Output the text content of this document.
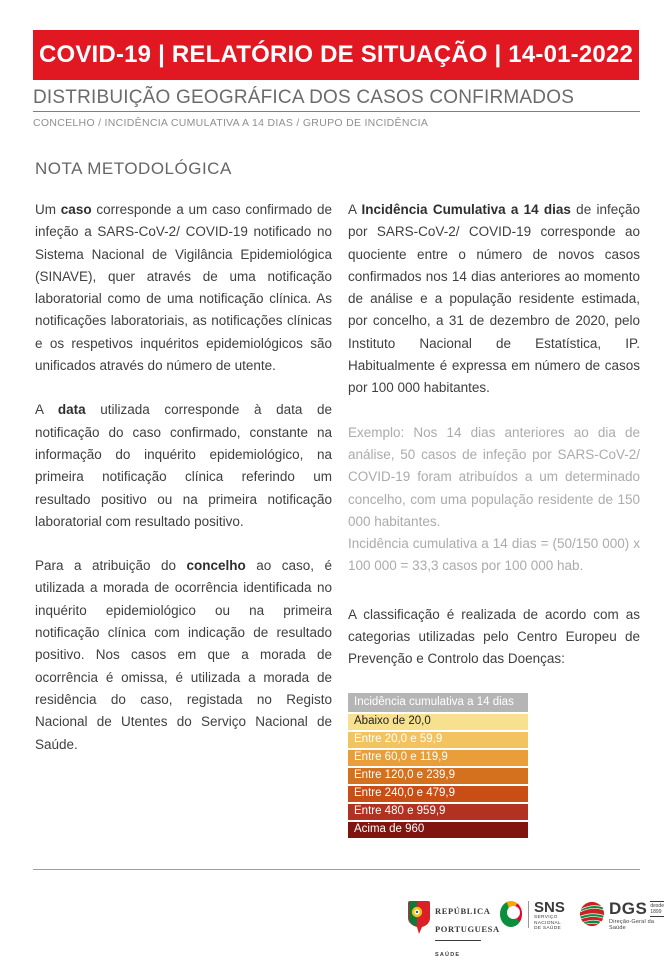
COVID-19 | RELATÓRIO DE SITUAÇÃO | 14-01-2022
DISTRIBUIÇÃO GEOGRÁFICA DOS CASOS CONFIRMADOS
CONCELHO / INCIDÊNCIA CUMULATIVA A 14 DIAS / GRUPO DE INCIDÊNCIA
NOTA METODOLÓGICA

Um caso corresponde a um caso confirmado de infeção a SARS-CoV-2/ COVID-19 notificado no Sistema Nacional de Vigilância Epidemiológica (SINAVE), quer através de uma notificação laboratorial como de uma notificação clínica. As notificações laboratoriais, as notificações clínicas e os respetivos inquéritos epidemiológicos são unificados através do número de utente.

A data utilizada corresponde à data de notificação do caso confirmado, constante na informação do inquérito epidemiológico, na primeira notificação clínica referindo um resultado positivo ou na primeira notificação laboratorial com resultado positivo.

Para a atribuição do concelho ao caso, é utilizada a morada de ocorrência identificada no inquérito epidemiológico ou na primeira notificação clínica com indicação de resultado positivo. Nos casos em que a morada de ocorrência é omissa, é utilizada a morada de residência do caso, registada no Registo Nacional de Utentes do Serviço Nacional de Saúde.

A Incidência Cumulativa a 14 dias de infeção por SARS-CoV-2/ COVID-19 corresponde ao quociente entre o número de novos casos confirmados nos 14 dias anteriores ao momento de análise e a população residente estimada, por concelho, a 31 de dezembro de 2020, pelo Instituto Nacional de Estatística, IP. Habitualmente é expressa em número de casos por 100 000 habitantes.

Exemplo: Nos 14 dias anteriores ao dia de análise, 50 casos de infeção por SARS-CoV-2/ COVID-19 foram atribuídos a um determinado concelho, com uma população residente de 150 000 habitantes.

Incidência cumulativa a 14 dias = (50/150 000) x 100 000 = 33,3 casos por 100 000 hab.

A classificação é realizada de acordo com as categorias utilizadas pelo Centro Europeu de Prevenção e Controlo das Doenças:

Incidência cumulativa a 14 dias
Abaixo de 20,0
Entre 20,0 e 59,9
Entre 60,0 e 119,9
Entre 120,0 e 239,9
Entre 240,0 e 479,9
Entre 480 e 959,9
Acima de 960
REPÚBLICA
PORTUGUESA
SAÚDE
SNS
SERVIÇO NACIONAL
DE SAÚDE
DGS desde
1899
Direção-Geral da Saúde
